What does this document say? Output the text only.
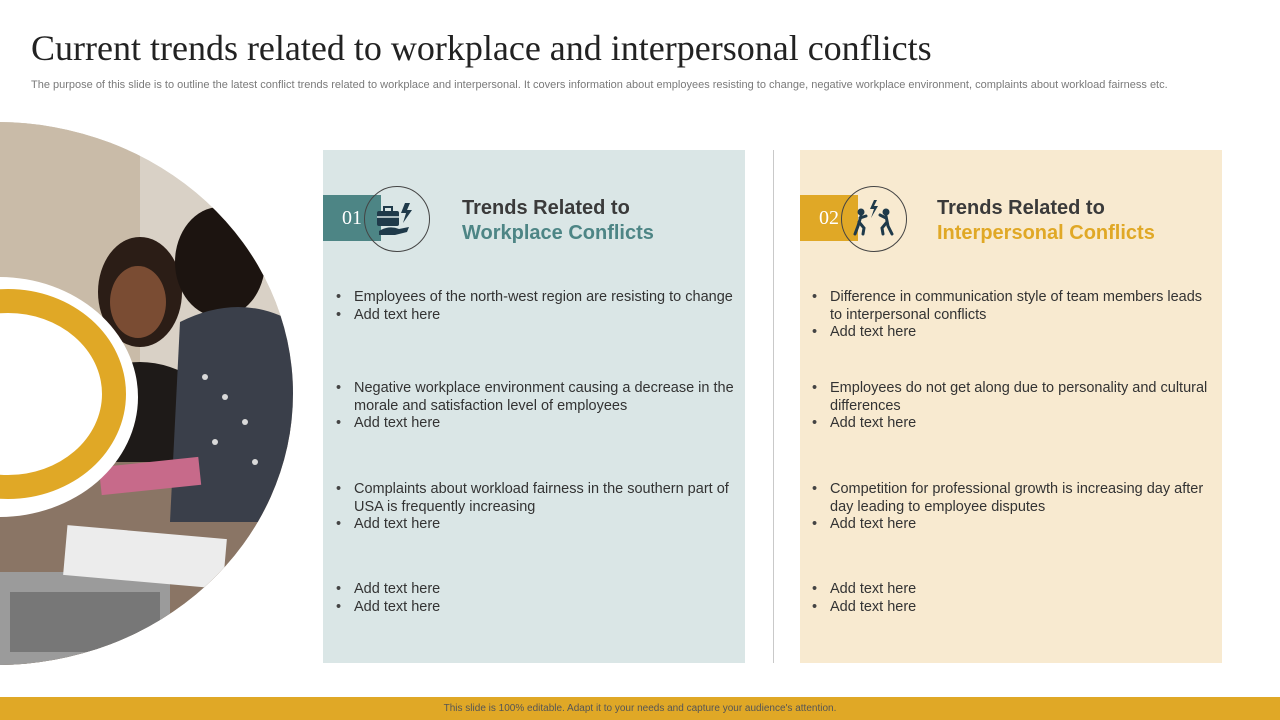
Current trends related to workplace and interpersonal conflicts
The purpose of this slide is to outline the latest conflict trends related to workplace and interpersonal. It covers information about employees resisting to change, negative workplace environment, complaints about workload fairness etc.
01	Trends Related to
Workplace Conflicts
• Employees of the north-west region are resisting to change
• Add text here
• Negative workplace environment causing a decrease in the morale and satisfaction level of employees
• Add text here
• Complaints about workload fairness in the southern part of USA is frequently increasing
• Add text here
• Add text here
• Add text here
02	Trends Related to
Interpersonal Conflicts
• Difference in communication style of team members leads to interpersonal conflicts
• Add text here
• Employees do not get along due to personality and cultural differences
• Add text here
• Competition for professional growth is increasing day after day leading to employee disputes
• Add text here
• Add text here
• Add text here
This slide is 100% editable. Adapt it to your needs and capture your audience's attention.
